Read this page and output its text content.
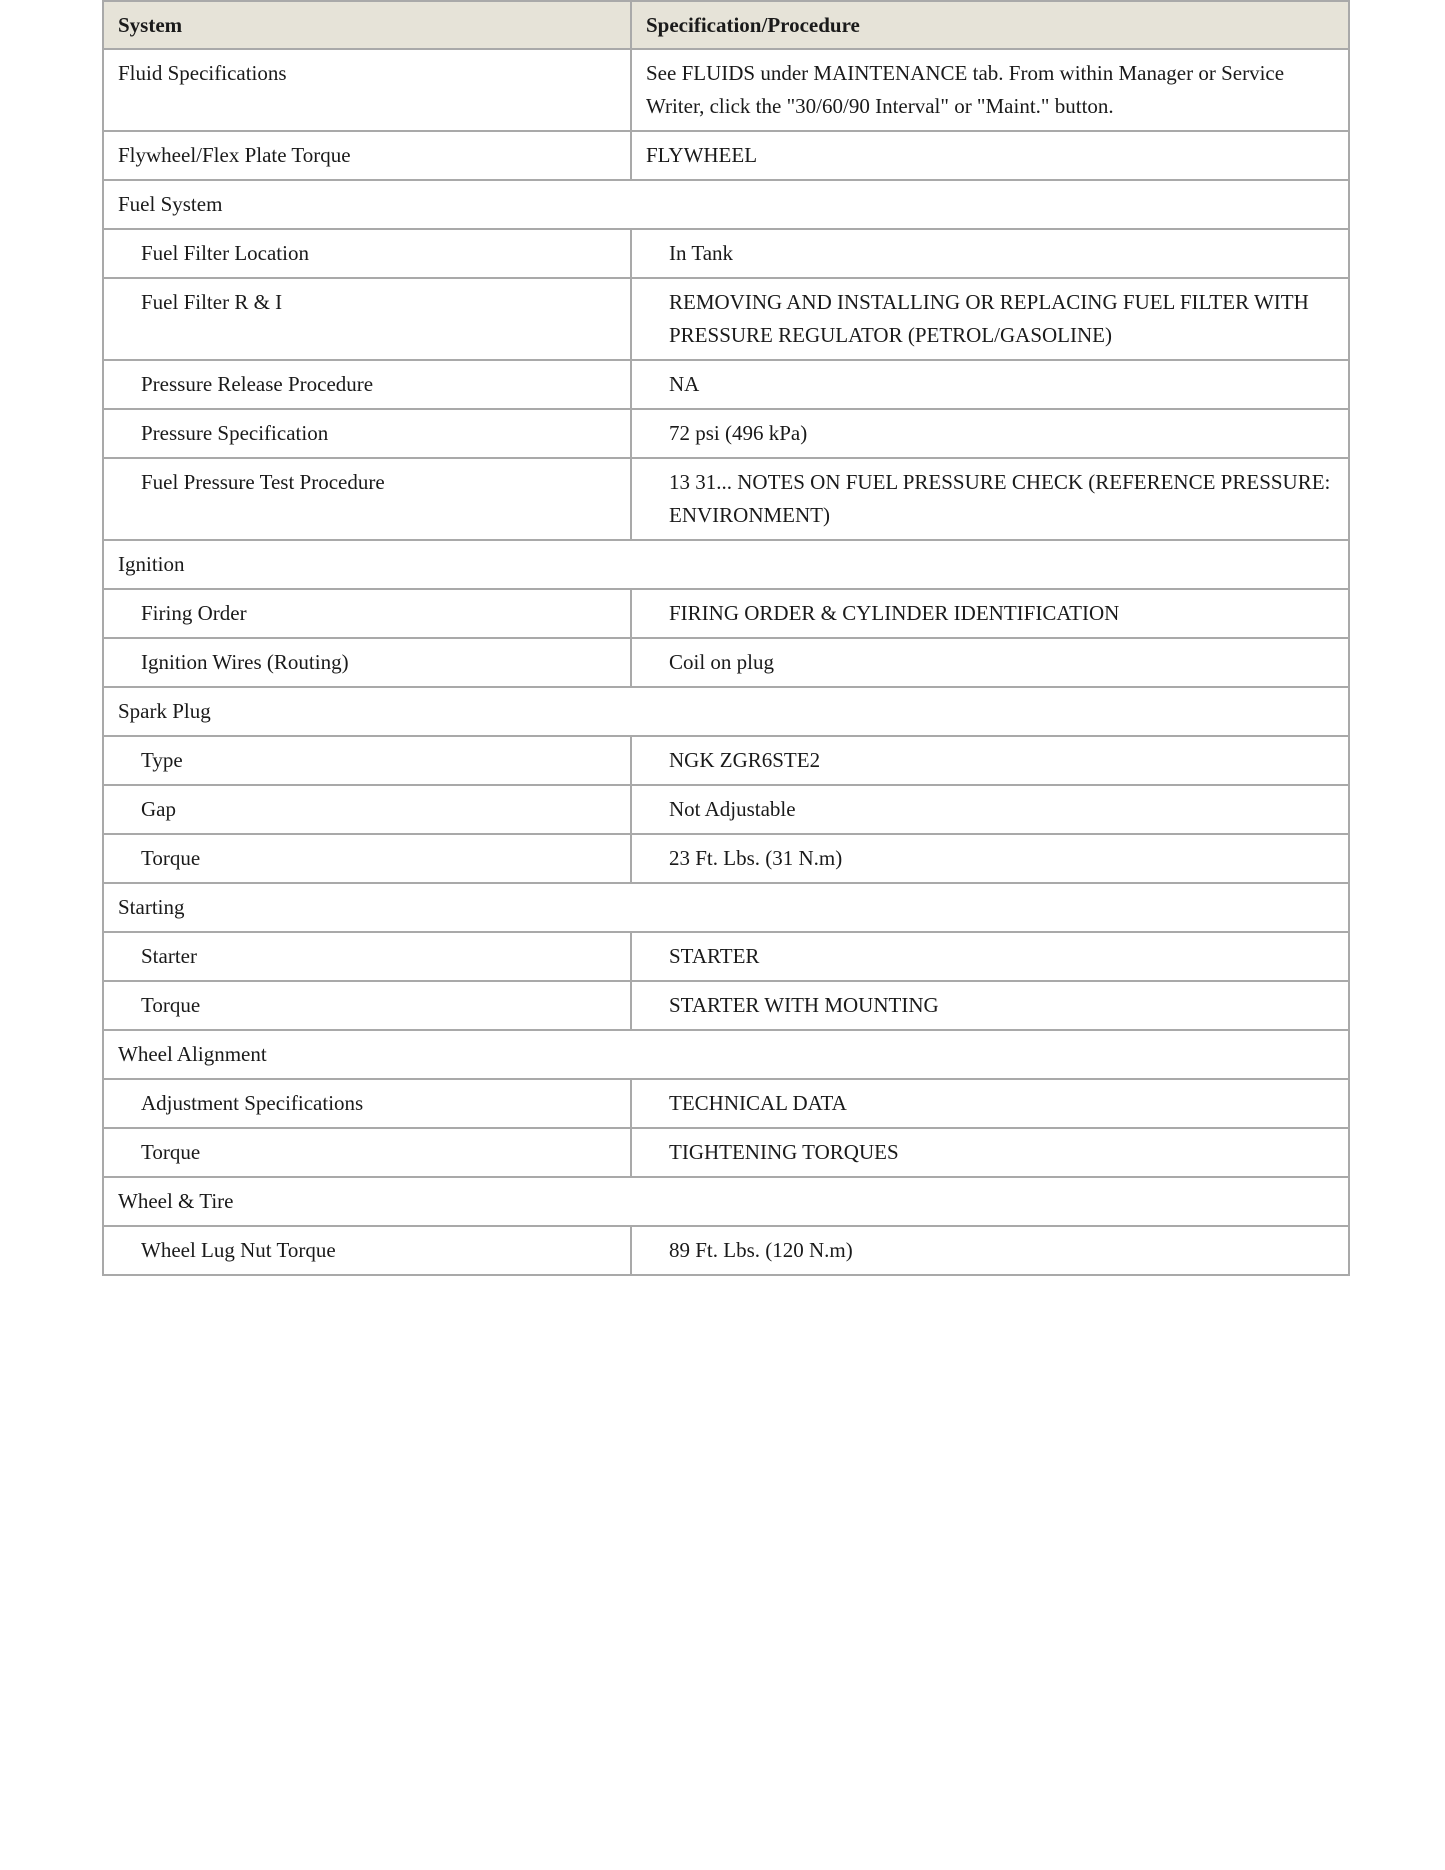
System	Specification/Procedure
Fluid Specifications	See FLUIDS under MAINTENANCE tab. From within Manager or Service Writer, click the "30/60/90 Interval" or "Maint." button.
Flywheel/Flex Plate Torque	FLYWHEEL
Fuel System	
Fuel Filter Location	In Tank
Fuel Filter R & I	REMOVING AND INSTALLING OR REPLACING FUEL FILTER WITH PRESSURE REGULATOR (PETROL/GASOLINE)
Pressure Release Procedure	NA
Pressure Specification	72 psi (496 kPa)
Fuel Pressure Test Procedure	13 31... NOTES ON FUEL PRESSURE CHECK (REFERENCE PRESSURE: ENVIRONMENT)
Ignition	
Firing Order	FIRING ORDER & CYLINDER IDENTIFICATION
Ignition Wires (Routing)	Coil on plug
Spark Plug	
Type	NGK ZGR6STE2
Gap	Not Adjustable
Torque	23 Ft. Lbs. (31 N.m)
Starting	
Starter	STARTER
Torque	STARTER WITH MOUNTING
Wheel Alignment	
Adjustment Specifications	TECHNICAL DATA
Torque	TIGHTENING TORQUES
Wheel & Tire	
Wheel Lug Nut Torque	89 Ft. Lbs. (120 N.m)
